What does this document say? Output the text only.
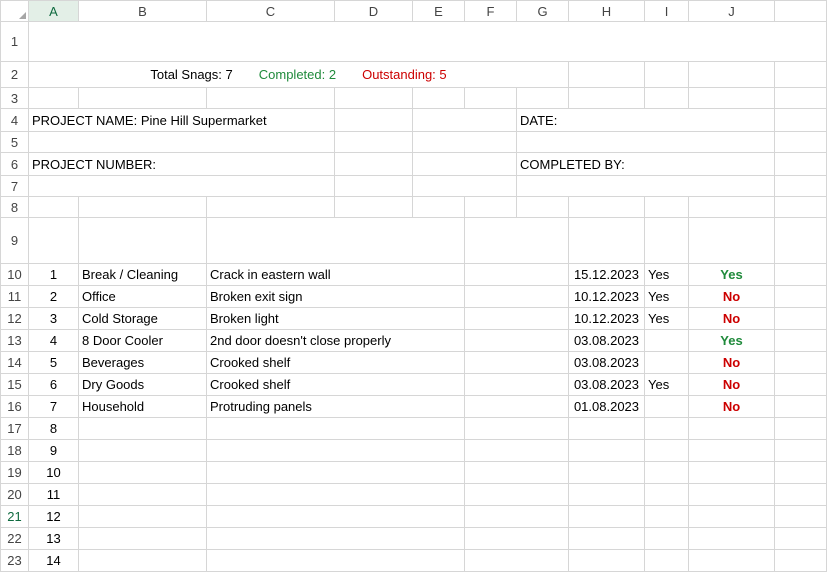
	A	B	C	D	E	F	G	H	I	J	
1	Commercial Construction Snagging List										
2	Total Snags: 7 Completed: 2 Outstanding: 5										

3											
4	PROJECT NAME: Pine Hill Supermarket						DATE:				

5											
6	PROJECT NUMBER:						COMPLETED BY:				

7											
8											
9	Snag #	Room/area	Snag description			Trade		Date	Photo	Completed?	
10	1	Break / Cleaning	Crack in eastern wall					15.12.2023	Yes	Yes	

11	2	Office	Broken exit sign					10.12.2023	Yes	No	

12	3	Cold Storage	Broken light					10.12.2023	Yes	No	

13	4	8 Door Cooler	2nd door doesn't close properly					03.08.2023		Yes	

14	5	Beverages	Crooked shelf					03.08.2023		No	

15	6	Dry Goods	Crooked shelf					03.08.2023	Yes	No	

16	7	Household	Protruding panels					01.08.2023		No	

17	8										

18	9										

19	10										

20	11										

21	12										

22	13										

23	14										
